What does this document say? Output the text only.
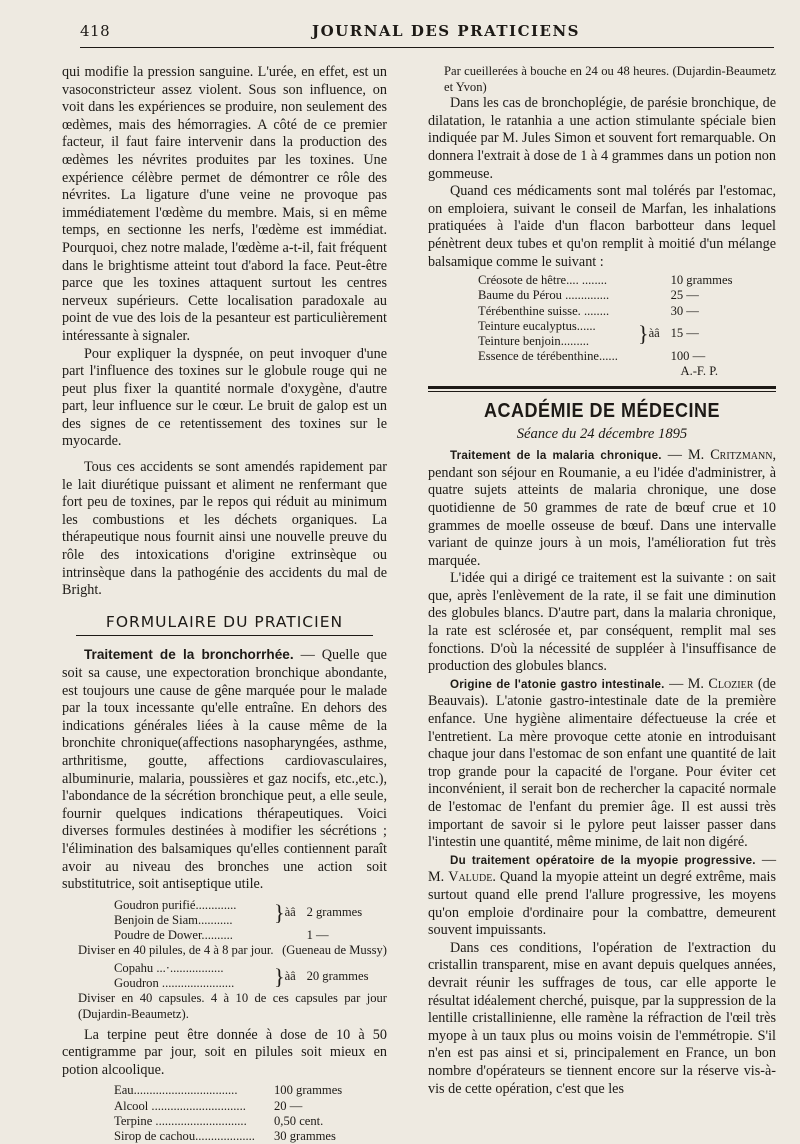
418	JOURNAL DES PRATICIENS

qui modifie la pression sanguine. L'urée, en effet, est un vasoconstricteur assez violent. Sous son influence, on voit dans les expériences se produire, non seulement des œdèmes, mais des hémorragies. A côté de ce premier facteur, il faut faire intervenir dans la production des œdèmes les névrites produites par les toxines. Une expérience célèbre permet de démontrer ce rôle des névrites. La ligature d'une veine ne provoque pas immédiatement l'œdème du membre. Mais, si en même temps, en sectionne les nerfs, l'œdème est immédiat. Pourquoi, chez notre malade, l'œdème a-t-il, fait fréquent dans le brightisme atteint tout d'abord la face. Peut-être parce que les toxines attaquent surtout les centres nerveux supérieurs. Cette localisation paradoxale au point de vue des lois de la pesanteur est particulièrement intéressante à signaler.

Pour expliquer la dyspnée, on peut invoquer d'une part l'influence des toxines sur le globule rouge qui ne peut plus fixer la quantité normale d'oxygène, d'autre part, leur influence sur le cœur. Le bruit de galop est un des signes de ce retentissement des toxines sur le myocarde.

Tous ces accidents se sont amendés rapidement par le lait diurétique puissant et aliment ne renfermant que fort peu de toxines, par le repos qui réduit au minimum les combustions et les déchets organiques. La thérapeutique nous fournit ainsi une nouvelle preuve du rôle des intoxications d'origine extrinsèque ou intrinsèque dans la pathogénie des accidents du mal de Bright.

FORMULAIRE DU PRATICIEN

Traitement de la bronchorrhée. — Quelle que soit sa cause, une expectoration bronchique abondante, est toujours une cause de gêne marquée pour le malade par la toux incessante qu'elle entraîne. En dehors des indications générales liées à la cause même de la bronchite chronique(affections nasopharyngées, asthme, arthritisme, goutte, affections cardiovasculaires, albuminurie, malaria, poussières et gaz nocifs, etc.,etc.), l'abondance de la sécrétion bronchique peut, a elle seule, fournir quelques indications thérapeutiques. Voici diverses formules destinées à modifier les sécrétions ; l'élimination des balsamiques qu'elles contiennent paraît avoir au niveau des bronches une action soit substitutrice, soit antiseptique utile.

Goudron purifié.............	}	àâ	2 grammes
Benjoin de Siam...........			
Poudre de Dower..........			1 —
Diviser en 40 pilules, de 4 à 8 par jour. (Gueneau de Mussy)
Copahu ...·.................	}	àâ	20 grammes
Goudron .......................

Diviser en 40 capsules. 4 à 10 de ces capsules par jour (Dujardin-Beaumetz).

La terpine peut être donnée à dose de 10 à 50 centigramme par jour, soit en pilules soit mieux en potion alcoolique.

Eau.................................			100 grammes
Alcool ..............................			20 —
Terpine .............................			0,50 cent.
Sirop de cachou...................			30 grammes

Par cueillerées à bouche en 24 ou 48 heures. (Dujardin-Beaumetz et Yvon)

Dans les cas de bronchoplégie, de parésie bronchique, de dilatation, le ratanhia a une action stimulante spéciale bien indiquée par M. Jules Simon et souvent fort remarquable. On donnera l'extrait à dose de 1 à 4 grammes dans un potion non gommeuse.

Quand ces médicaments sont mal tolérés par l'estomac, on emploiera, suivant le conseil de Marfan, les inhalations pratiquées à l'aide d'un flacon barbotteur dans lequel pénètrent deux tubes et qu'on remplit à moitié d'un mélange balsamique comme le suivant :

Créosote de hêtre.... ........			10 grammes
Baume du Pérou ..............			25 —
Térébenthine suisse. ........			30 —
Teinture eucalyptus......	}	àâ	15 —
Teinture benjoin.........			
Essence de térébenthine......			100 —
A.-F. P.
ACADÉMIE DE MÉDECINE
Séance du 24 décembre 1895

Traitement de la malaria chronique. — M. Critzmann, pendant son séjour en Roumanie, a eu l'idée d'administrer, à quatre sujets atteints de malaria chronique, une dose quotidienne de 50 grammes de rate de bœuf crue et 10 grammes de moelle osseuse de bœuf. Dans une intervalle variant de quinze jours à un mois, l'amélioration fut très marquée.

L'idée qui a dirigé ce traitement est la suivante : on sait que, après l'enlèvement de la rate, il se fait une diminution des globules blancs. D'autre part, dans la malaria chronique, la rate est sclérosée et, par conséquent, remplit mal ses fonctions. D'où la nécessité de suppléer à l'insuffisance de production des globules blancs.

Origine de l'atonie gastro intestinale. — M. Clozier (de Beauvais). L'atonie gastro-intestinale date de la première enfance. Une hygiène alimentaire défectueuse la crée et l'entretient. La mère provoque cette atonie en introduisant chaque jour dans l'estomac de son enfant une quantité de lait trop grande pour la capacité de l'organe. Pour éviter cet inconvénient, il serait bon de rechercher la capacité normale de l'estomac de l'enfant du premier âge. Il est aussi très important de savoir si le pylore peut laisser passer dans l'intestin une quantité, même minime, de lait non digéré.

Du traitement opératoire de la myopie progressive. — M. Valude. Quand la myopie atteint un degré extrême, mais surtout quand elle prend l'allure progressive, les moyens qu'on emploie d'ordinaire pour la combattre, demeurent souvent impuissants.

Dans ces conditions, l'opération de l'extraction du cristallin transparent, mise en avant depuis quelques années, devrait réunir les suffrages de tous, car elle apporte le résultat idéalement cherché, puisque, par la suppression de la lentille cristallinienne, elle ramène la réfraction de l'œil très myope à un taux plus ou moins voisin de l'emmétropie. S'il n'en est pas ainsi et si, principalement en France, un bon nombre d'opérateurs se tiennent encore sur la réserve vis-à-vis de cette opération, c'est que les
